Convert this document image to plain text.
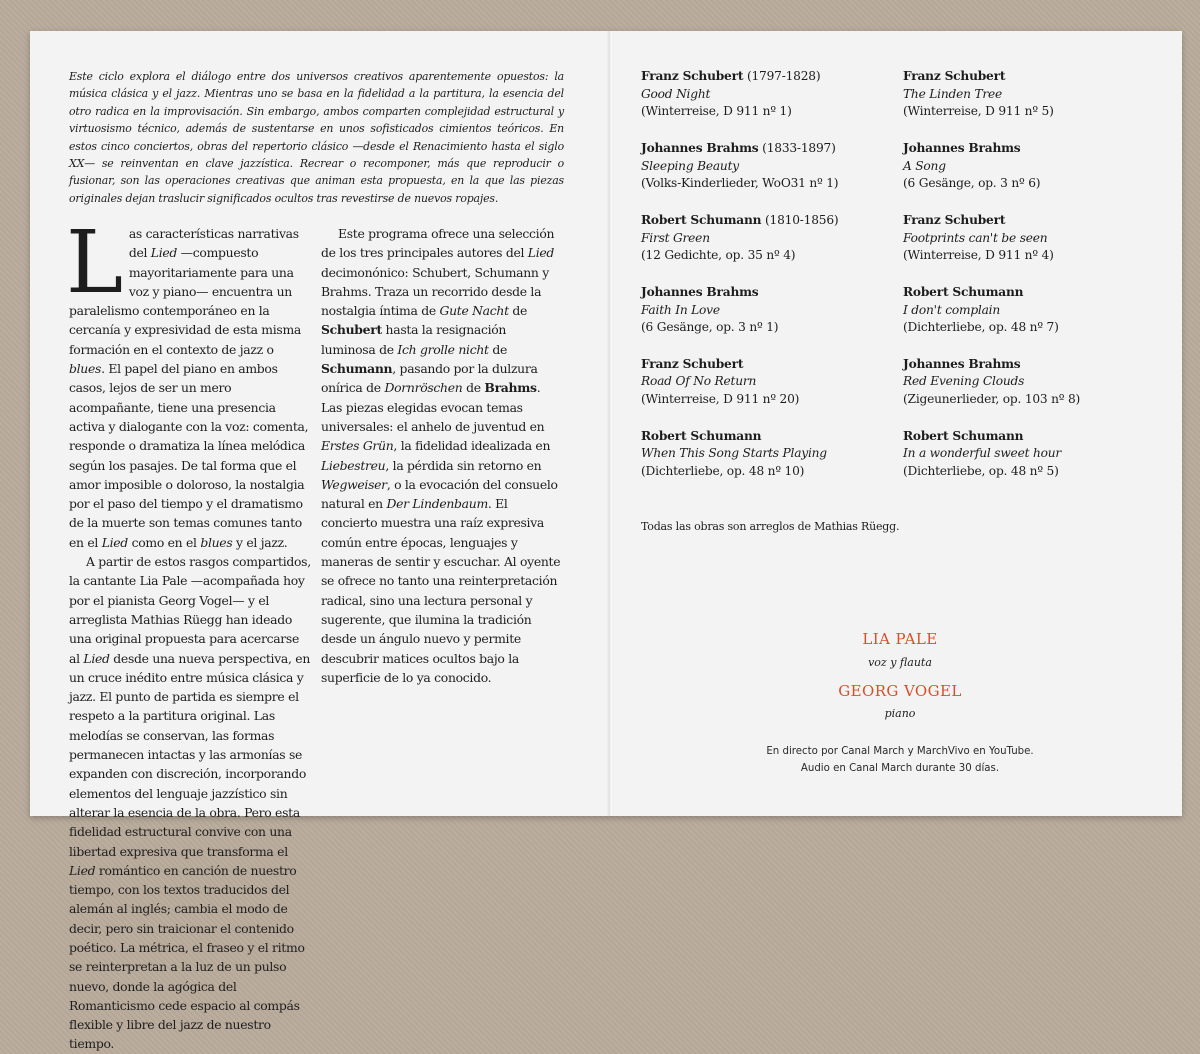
Este ciclo explora el diálogo entre dos universos creativos aparentemente opuestos: la música clásica y el jazz. Mientras uno se basa en la fidelidad a la partitura, la esencia del otro radica en la improvisación. Sin embargo, ambos comparten complejidad estructural y virtuosismo técnico, además de sustentarse en unos sofisticados cimientos teóricos. En estos cinco conciertos, obras del repertorio clásico —desde el Renacimiento hasta el siglo XX— se reinventan en clave jazzística. Recrear o recomponer, más que reproducir o fusionar, son las operaciones creativas que animan esta propuesta, en la que las piezas originales dejan traslucir significados ocultos tras revestirse de nuevos ropajes.

Las características narrativas del Lied —compuesto mayoritariamente para una voz y piano— encuentra un paralelismo contemporáneo en la cercanía y expresividad de esta misma formación en el contexto de jazz o blues. El papel del piano en ambos casos, lejos de ser un mero acompañante, tiene una presencia activa y dialogante con la voz: comenta, responde o dramatiza la línea melódica según los pasajes. De tal forma que el amor imposible o doloroso, la nostalgia por el paso del tiempo y el dramatismo de la muerte son temas comunes tanto en el Lied como en el blues y el jazz.

A partir de estos rasgos compartidos, la cantante Lia Pale —acompañada hoy por el pianista Georg Vogel— y el arreglista Mathias Rüegg han ideado una original propuesta para acercarse al Lied desde una nueva perspectiva, en un cruce inédito entre música clásica y jazz. El punto de partida es siempre el respeto a la partitura original. Las melodías se conservan, las formas permanecen intactas y las armonías se expanden con discreción, incorporando elementos del lenguaje jazzístico sin alterar la esencia de la obra. Pero esta fidelidad estructural convive con una libertad expresiva que transforma el Lied romántico en canción de nuestro tiempo, con los textos traducidos del alemán al inglés; cambia el modo de decir, pero sin traicionar el contenido poético. La métrica, el fraseo y el ritmo se reinterpretan a la luz de un pulso nuevo, donde la agógica del Romanticismo cede espacio al compás flexible y libre del jazz de nuestro tiempo.

Este programa ofrece una selección de los tres principales autores del Lied decimonónico: Schubert, Schumann y Brahms. Traza un recorrido desde la nostalgia íntima de Gute Nacht de Schubert hasta la resignación luminosa de Ich grolle nicht de Schumann, pasando por la dulzura onírica de Dornröschen de Brahms. Las piezas elegidas evocan temas universales: el anhelo de juventud en Erstes Grün, la fidelidad idealizada en Liebestreu, la pérdida sin retorno en Wegweiser, o la evocación del consuelo natural en Der Lindenbaum. El concierto muestra una raíz expresiva común entre épocas, lenguajes y maneras de sentir y escuchar. Al oyente se ofrece no tanto una reinterpretación radical, sino una lectura personal y sugerente, que ilumina la tradición desde un ángulo nuevo y permite descubrir matices ocultos bajo la superficie de lo ya conocido.

Franz Schubert (1797-1828)
Good Night
(Winterreise, D 911 nº 1)
Johannes Brahms (1833-1897)
Sleeping Beauty
(Volks-Kinderlieder, WoO31 nº 1)
Robert Schumann (1810-1856)
First Green
(12 Gedichte, op. 35 nº 4)
Johannes Brahms
Faith In Love
(6 Gesänge, op. 3 nº 1)
Franz Schubert
Road Of No Return
(Winterreise, D 911 nº 20)
Robert Schumann
When This Song Starts Playing
(Dichterliebe, op. 48 nº 10)
Franz Schubert
The Linden Tree
(Winterreise, D 911 nº 5)
Johannes Brahms
A Song
(6 Gesänge, op. 3 nº 6)
Franz Schubert
Footprints can't be seen
(Winterreise, D 911 nº 4)
Robert Schumann
I don't complain
(Dichterliebe, op. 48 nº 7)
Johannes Brahms
Red Evening Clouds
(Zigeunerlieder, op. 103 nº 8)
Robert Schumann
In a wonderful sweet hour
(Dichterliebe, op. 48 nº 5)

Todas las obras son arreglos de Mathias Rüegg.

LIA PALE

voz y flauta

GEORG VOGEL

piano

En directo por Canal March y MarchVivo en YouTube.

Audio en Canal March durante 30 días.
